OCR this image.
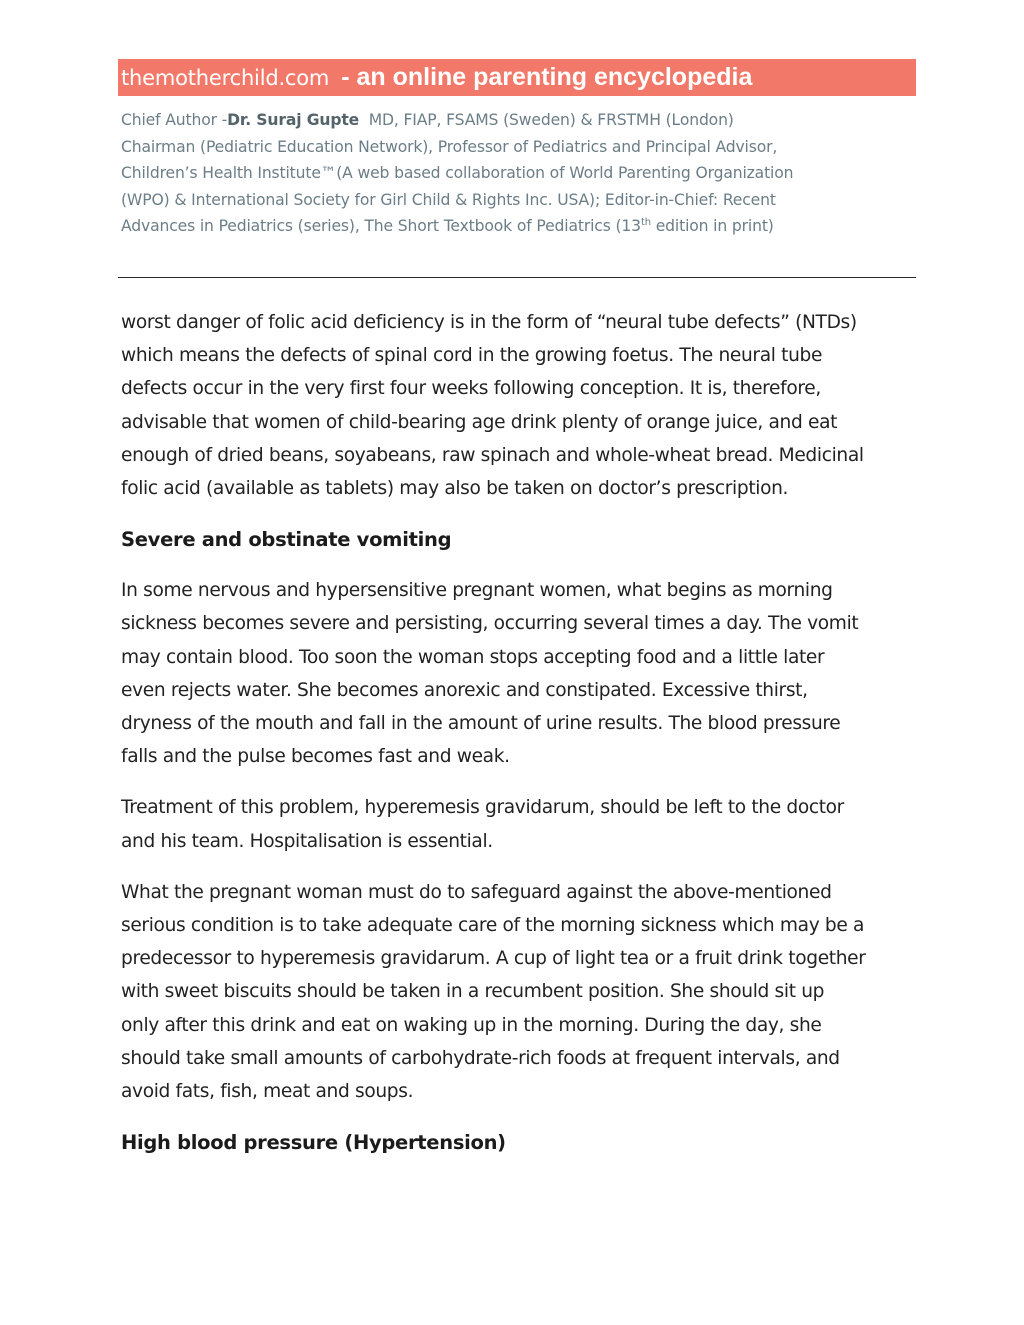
themotherchild.com - an online parenting encyclopedia
Chief Author -Dr. Suraj Gupte MD, FIAP, FSAMS (Sweden) & FRSTMH (London)
Chairman (Pediatric Education Network), Professor of Pediatrics and Principal Advisor,
Children’s Health Institute™(A web based collaboration of World Parenting Organization
(WPO) & International Society for Girl Child & Rights Inc. USA); Editor-in-Chief: Recent
Advances in Pediatrics (series), The Short Textbook of Pediatrics (13th edition in print)

worst danger of folic acid deficiency is in the form of “neural tube defects” (NTDs)
which means the defects of spinal cord in the growing foetus. The neural tube
defects occur in the very first four weeks following conception. It is, therefore,
advisable that women of child-bearing age drink plenty of orange juice, and eat
enough of dried beans, soyabeans, raw spinach and whole-wheat bread. Medicinal
folic acid (available as tablets) may also be taken on doctor’s prescription.

Severe and obstinate vomiting

In some nervous and hypersensitive pregnant women, what begins as morning
sickness becomes severe and persisting, occurring several times a day. The vomit
may contain blood. Too soon the woman stops accepting food and a little later
even rejects water. She becomes anorexic and constipated. Excessive thirst,
dryness of the mouth and fall in the amount of urine results. The blood pressure
falls and the pulse becomes fast and weak.

Treatment of this problem, hyperemesis gravidarum, should be left to the doctor
and his team. Hospitalisation is essential.

What the pregnant woman must do to safeguard against the above-mentioned
serious condition is to take adequate care of the morning sickness which may be a
predecessor to hyperemesis gravidarum. A cup of light tea or a fruit drink together
with sweet biscuits should be taken in a recumbent position. She should sit up
only after this drink and eat on waking up in the morning. During the day, she
should take small amounts of carbohydrate-rich foods at frequent intervals, and
avoid fats, fish, meat and soups.

High blood pressure (Hypertension)
